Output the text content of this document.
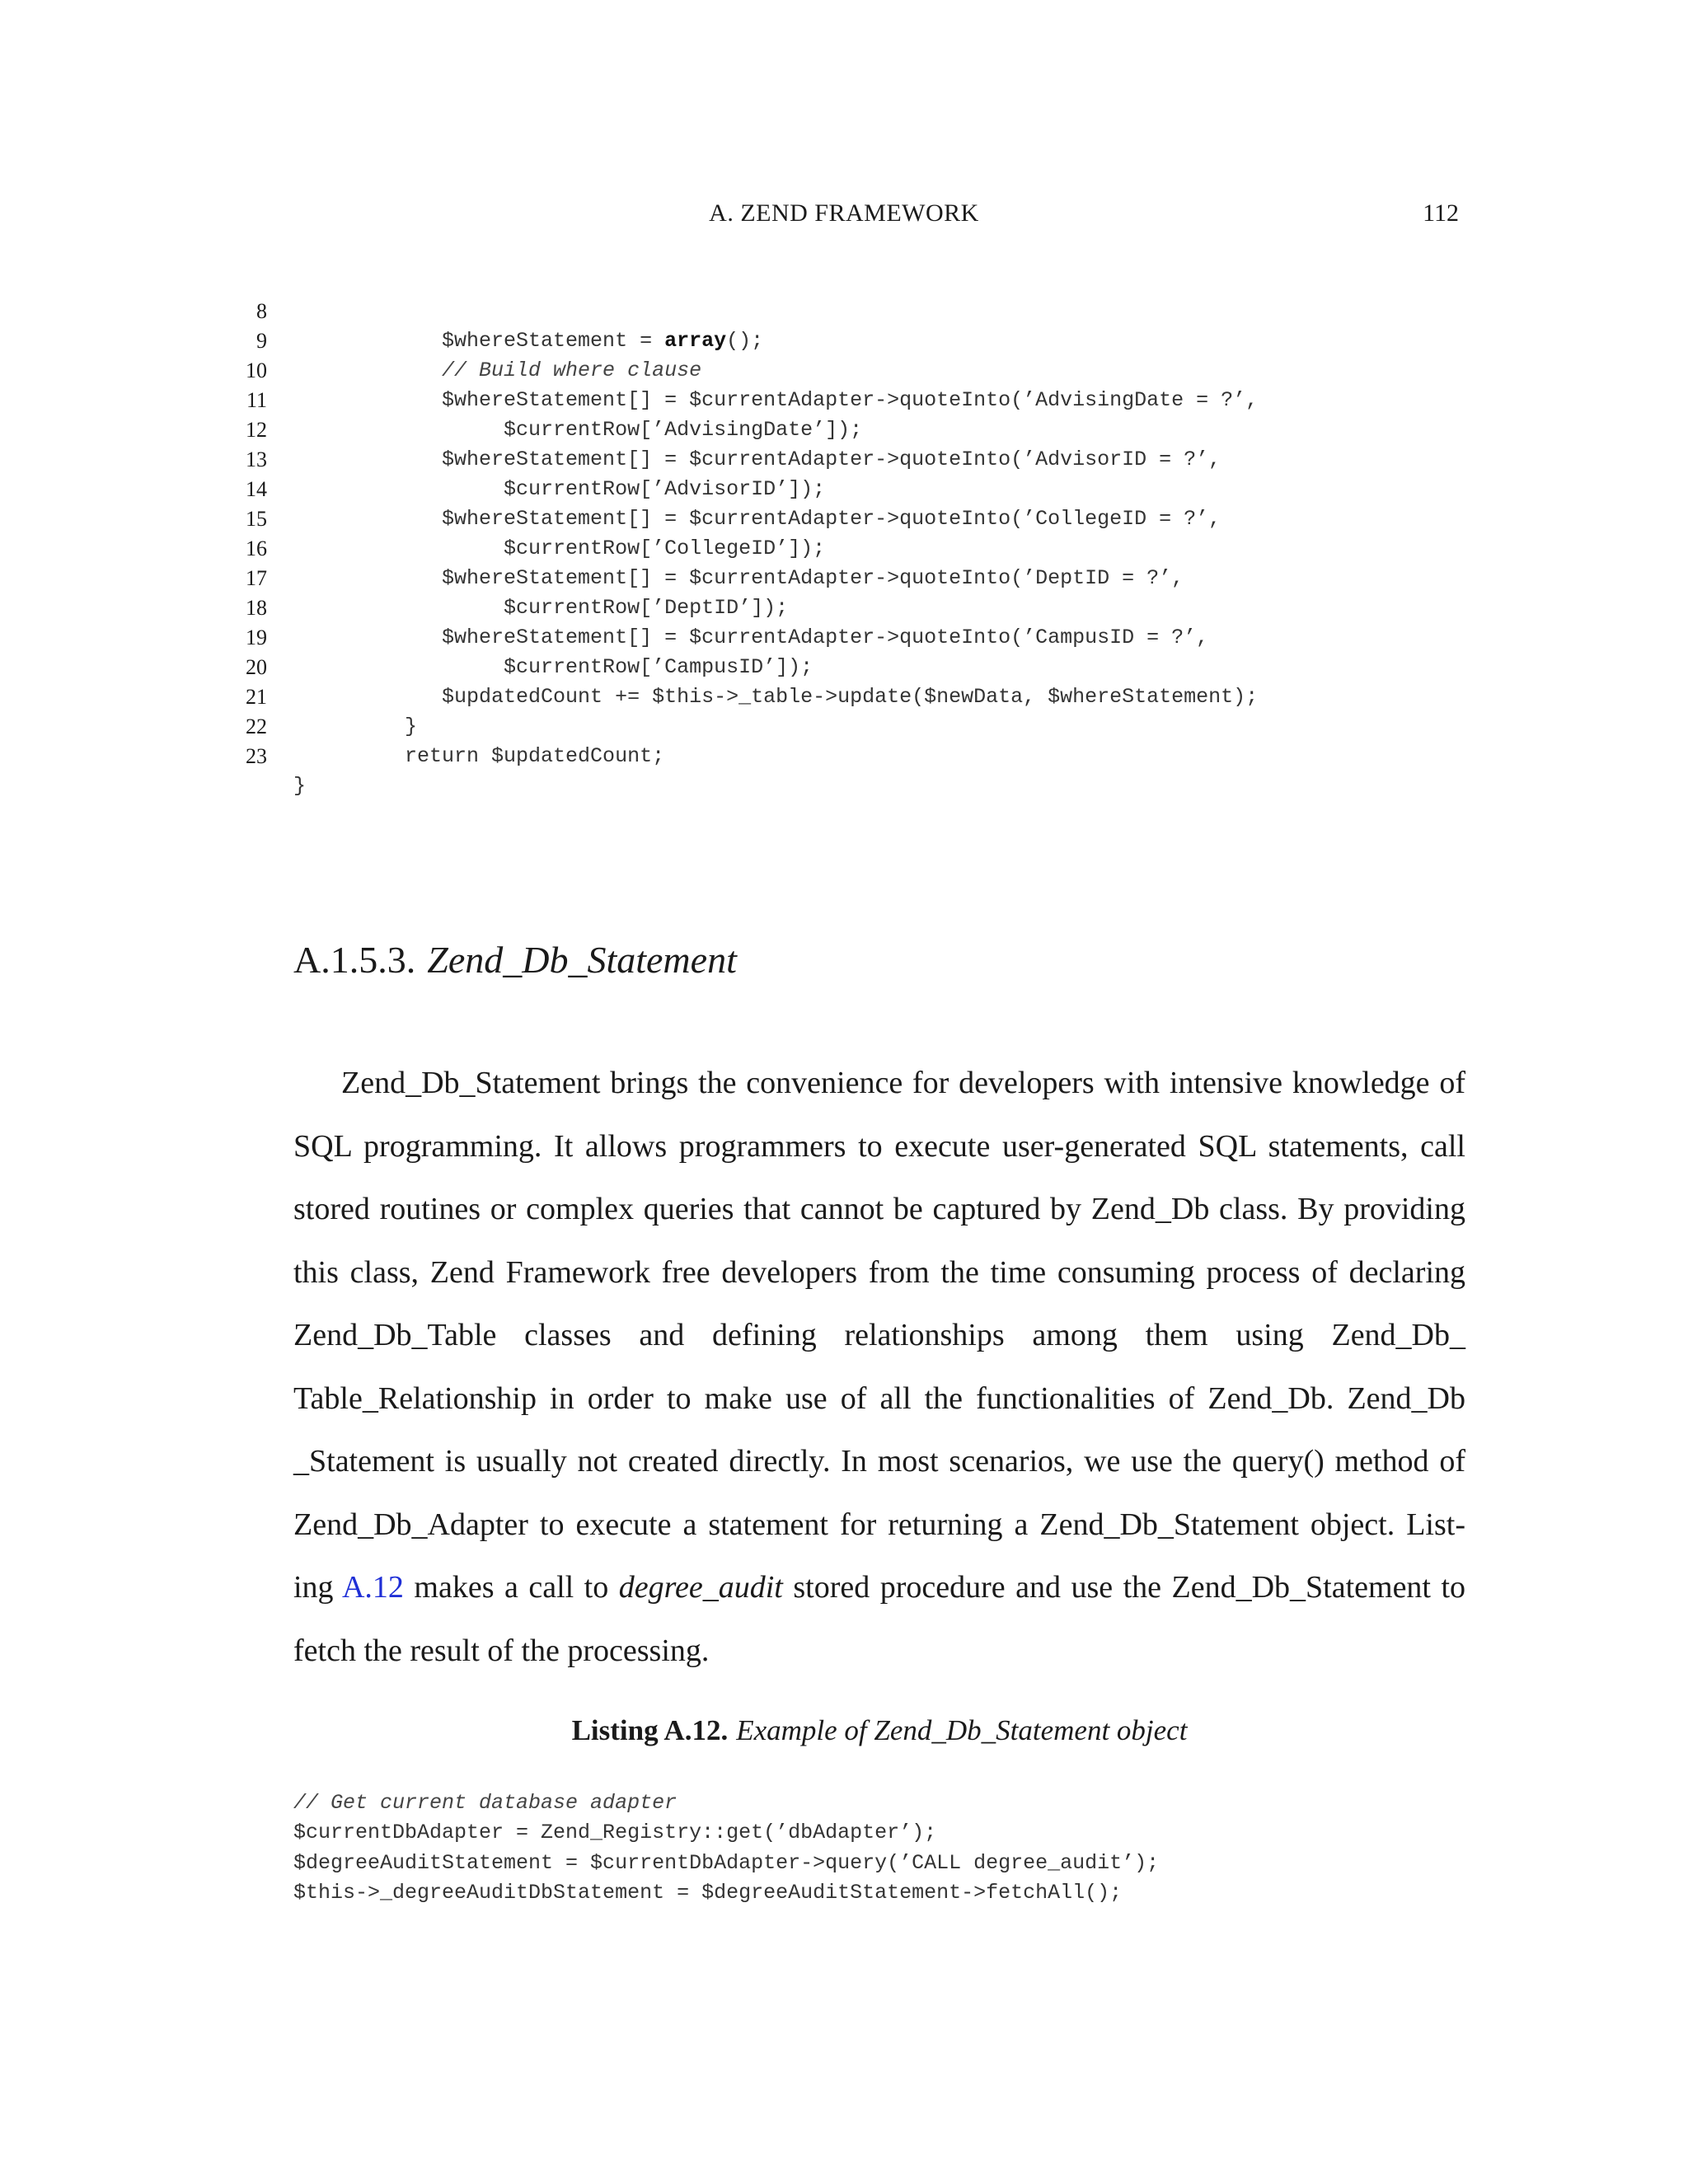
A. ZEND FRAMEWORK	112

8

$whereStatement = array();

9

// Build where clause

10

$whereStatement[] = $currentAdapter->quoteInto(’AdvisingDate = ?’,

11

$currentRow[’AdvisingDate’]);

12

$whereStatement[] = $currentAdapter->quoteInto(’AdvisorID = ?’,

13

$currentRow[’AdvisorID’]);

14

$whereStatement[] = $currentAdapter->quoteInto(’CollegeID = ?’,

15

$currentRow[’CollegeID’]);

16

$whereStatement[] = $currentAdapter->quoteInto(’DeptID = ?’,

17

$currentRow[’DeptID’]);

18

$whereStatement[] = $currentAdapter->quoteInto(’CampusID = ?’,

19

$currentRow[’CampusID’]);

20

$updatedCount += $this->_table->update($newData, $whereStatement);

21

}

22

return $updatedCount;

23

}

A.1.5.3. Zend_Db_Statement

Zend_Db_Statement brings the convenience for developers with intensive knowledge of SQL programming. It allows programmers to execute user-generated SQL statements, call stored routines or complex queries that cannot be captured by Zend_Db class. By providing this class, Zend Framework free developers from the time consuming process of declaring Zend_Db_Table classes and defining relationships among them using Zend_Db_ Table_Relationship in order to make use of all the functionalities of Zend_Db. Zend_Db _Statement is usually not created directly. In most scenarios, we use the query() method of Zend_Db_Adapter to execute a statement for returning a Zend_Db_Statement object. List- ing A.12 makes a call to degree_audit stored procedure and use the Zend_Db_Statement to fetch the result of the processing.

Listing A.12. Example of Zend_Db_Statement object

// Get current database adapter

$currentDbAdapter = Zend_Registry::get(’dbAdapter’);

$degreeAuditStatement = $currentDbAdapter->query(’CALL degree_audit’);

$this->_degreeAuditDbStatement = $degreeAuditStatement->fetchAll();
